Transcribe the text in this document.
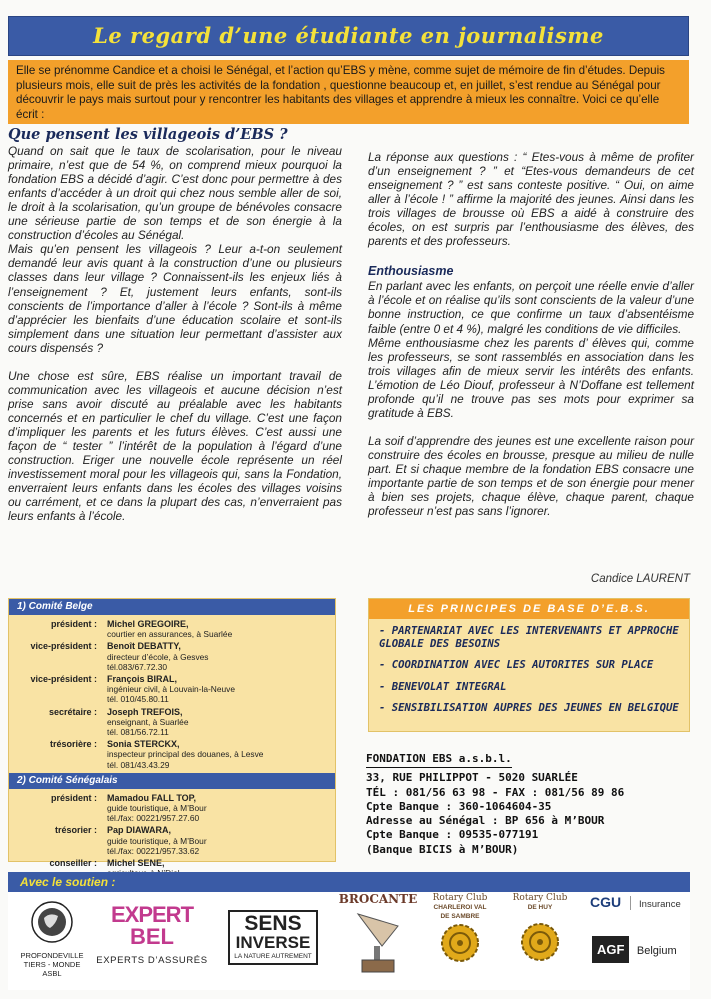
Le regard d’une étudiante en journalisme
Elle se prénomme Candice et a choisi le Sénégal, et l’action qu’EBS y mène, comme sujet de mémoire de fin d’études. Depuis plusieurs mois, elle suit de près les activités de la fondation , questionne beaucoup et, en juillet, s’est rendue au Sénégal pour découvrir le pays mais surtout pour y rencontrer les habitants des villages et apprendre à mieux les connaître. Voici ce qu’elle écrit :
Que pensent les villageois d’EBS ?

Quand on sait que le taux de scolarisation, pour le niveau primaire, n’est que de 54 %, on comprend mieux pourquoi la fondation EBS a décidé d’agir. C’est donc pour permettre à des enfants d’accéder à un droit qui chez nous semble aller de soi, le droit à la scolarisation, qu’un groupe de bénévoles consacre une sérieuse partie de son temps et de son énergie à la construction d’écoles au Sénégal.

Mais qu’en pensent les villageois ? Leur a-t-on seulement demandé leur avis quant à la construction d’une ou plusieurs classes dans leur village ? Connaissent-ils les enjeux liés à l’enseignement ? Et, justement leurs enfants, sont-ils conscients de l’importance d’aller à l’école ? Sont-ils à même d’apprécier les bienfaits d’une éducation scolaire et sont-ils simplement dans une situation leur permettant d’assister aux cours dispensés ?

Une chose est sûre, EBS réalise un important travail de communication avec les villageois et aucune décision n’est prise sans avoir discuté au préalable avec les habitants concernés et en particulier le chef du village. C’est une façon d’impliquer les parents et les futurs élèves. C’est aussi une façon de “ tester ” l’intérêt de la population à l’égard d’une construction. Eriger une nouvelle école représente un réel investissement moral pour les villageois qui, sans la Fondation, enverraient leurs enfants dans les écoles des villages voisins ou carrément, et ce dans la plupart des cas, n’enverraient pas leurs enfants à l’école.

La réponse aux questions : “ Etes-vous à même de profiter d’un enseignement ? ” et “Etes-vous demandeurs de cet enseignement ? ” est sans conteste positive. “ Oui, on aime aller à l’école ! ” affirme la majorité des jeunes. Ainsi dans les trois villages de brousse où EBS a aidé à construire des écoles, on est surpris par l’enthousiasme des élèves, des parents et des professeurs.

Enthousiasme

En parlant avec les enfants, on perçoit une réelle envie d’aller à l’école et on réalise qu’ils sont conscients de la valeur d’une bonne instruction, ce que confirme un taux d’absentéisme faible (entre 0 et 4 %), malgré les conditions de vie difficiles.

Même enthousiasme chez les parents d’ élèves qui, comme les professeurs, se sont rassemblés en association dans les trois villages afin de mieux servir les intérêts des enfants. L’émotion de Léo Diouf, professeur à N’Doffane est tellement profonde qu’il ne trouve pas ses mots pour exprimer sa gratitude à EBS.

La soif d’apprendre des jeunes est une excellente raison pour construire des écoles en brousse, presque au milieu de nulle part. Et si chaque membre de la fondation EBS consacre une importante partie de son temps et de son énergie pour mener à bien ses projets, chaque élève, chaque parent, chaque professeur n’est pas sans l’ignorer.

Candice LAURENT
1) Comité Belge
président :	Michel GREGOIRE,
courtier en assurances, à Suarlée
vice-président :	Benoît DEBATTY,
directeur d’école, à Gesves
tél.083/67.72.30
vice-président :	François BIRAL,
ingénieur civil, à Louvain-la-Neuve
tél. 010/45.80.11
secrétaire :	Joseph TREFOIS,
enseignant, à Suarlée
tél. 081/56.72.11
trésorière :	Sonia STERCKX,
inspecteur principal des douanes, à Lesve
tél. 081/43.43.29
2) Comité Sénégalais
président :	Mamadou FALL TOP,
guide touristique, à M’Bour
tél./fax: 00221/957.27.60
trésorier :	Pap DIAWARA,
guide touristique, à M’Bour
tél./fax: 00221/957.33.62
conseiller :	Michel SENE,
LES PRINCIPES DE BASE D’E.B.S.
- PARTENARIAT AVEC LES INTERVENANTS ET APPROCHE GLOBALE DES BESOINS
- COORDINATION AVEC LES AUTORITES SUR PLACE
- BENEVOLAT INTEGRAL
- SENSIBILISATION AUPRES DES JEUNES EN BELGIQUE
FONDATION EBS a.s.b.l.
33, RUE PHILIPPOT - 5020 SUARLÉE
TÉL : 081/56 63 98 - FAX : 081/56 89 86
Cpte Banque : 360-1064604-35
Adresse au Sénégal : BP 656 à M’BOUR
Cpte Banque : 09535-077191
(Banque BICIS à M’BOUR)
Avec le soutien :
PROFONDEVILLE TIERS - MONDE ASBL
EXPERT
BEL
EXPERTS D’ASSURÉS
SENS
INVERSE
LA NATURE AUTREMENT
BROCANTE Rotary Club
CHARLEROI VAL DE SAMBRE
Rotary Club
DE HUY	CGU Insurance
AGF Belgium
